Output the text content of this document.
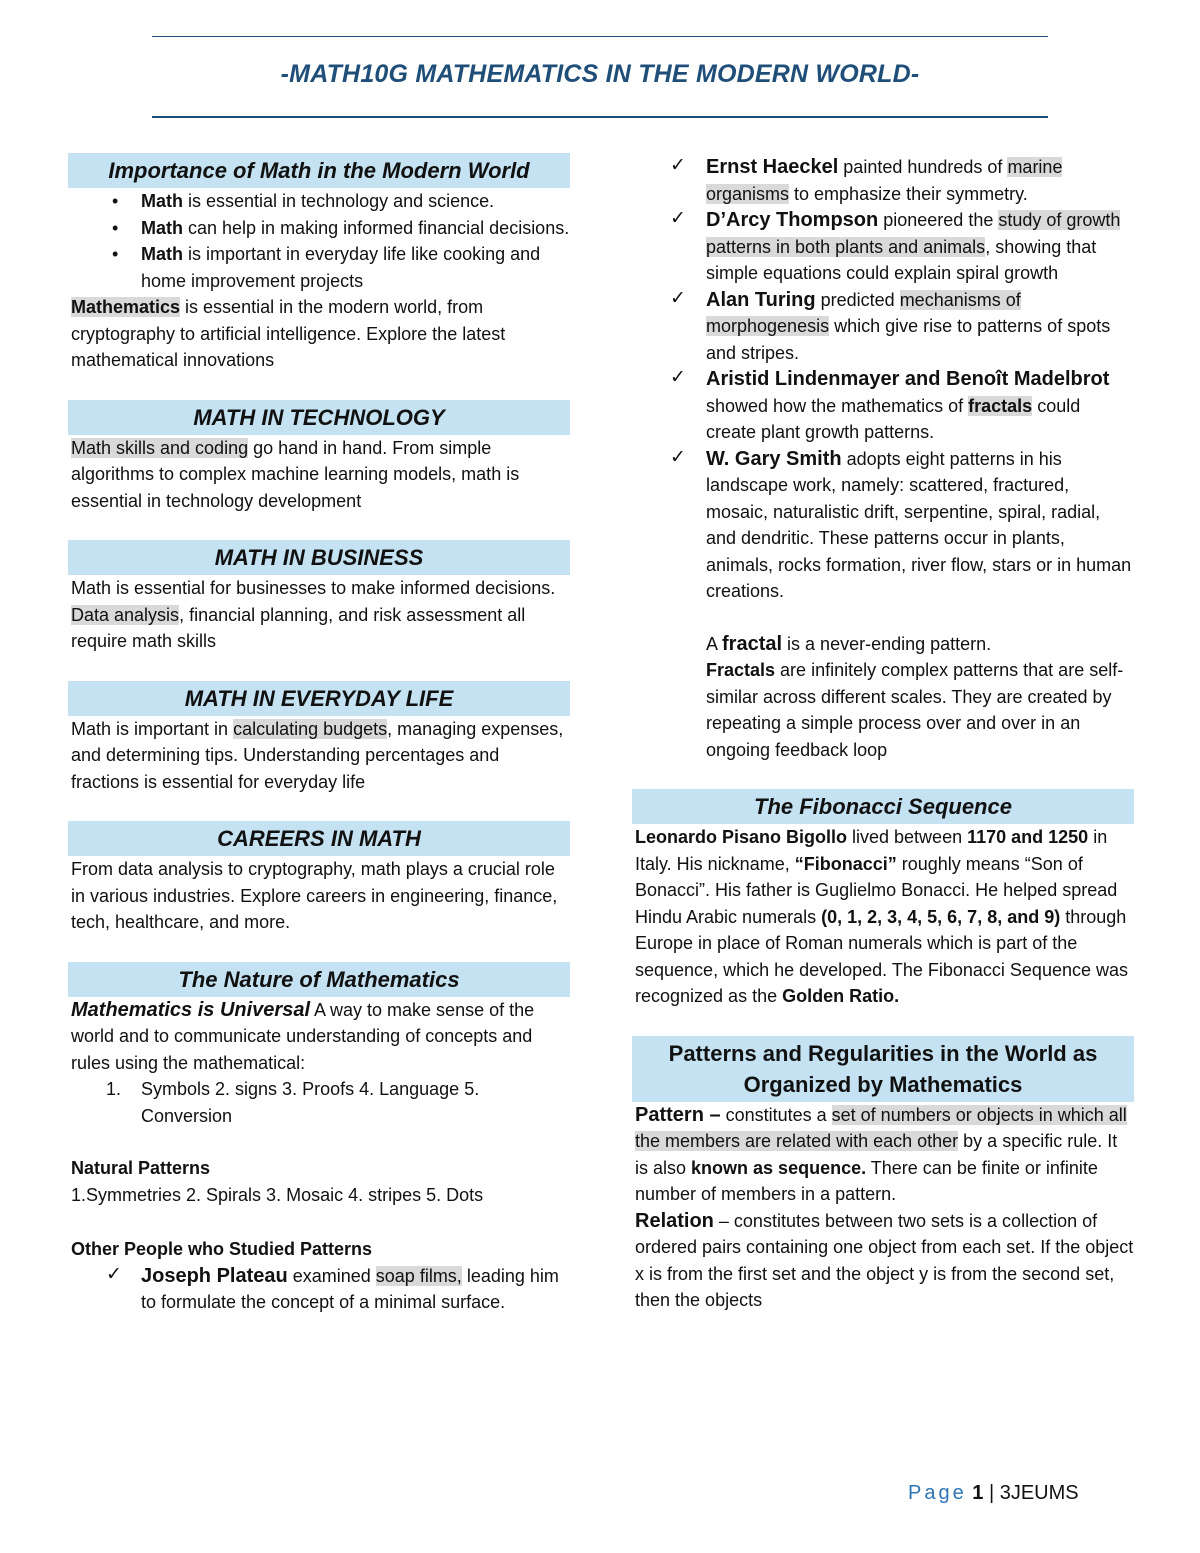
-MATH10G MATHEMATICS IN THE MODERN WORLD-
Importance of Math in the Modern World
• Math is essential in technology and science.
• Math can help in making informed financial decisions.
• Math is important in everyday life like cooking and home improvement projects
Mathematics is essential in the modern world, from cryptography to artificial intelligence. Explore the latest mathematical innovations
MATH IN TECHNOLOGY
Math skills and coding go hand in hand. From simple algorithms to complex machine learning models, math is essential in technology development
MATH IN BUSINESS
Math is essential for businesses to make informed decisions. Data analysis, financial planning, and risk assessment all require math skills
MATH IN EVERYDAY LIFE
Math is important in calculating budgets, managing expenses, and determining tips. Understanding percentages and fractions is essential for everyday life
CAREERS IN MATH
From data analysis to cryptography, math plays a crucial role in various industries. Explore careers in engineering, finance, tech, healthcare, and more.
The Nature of Mathematics
Mathematics is Universal A way to make sense of the world and to communicate understanding of concepts and rules using the mathematical:
1. Symbols 2. signs 3. Proofs 4. Language 5. Conversion
Natural Patterns
1.Symmetries 2. Spirals 3. Mosaic 4. stripes 5. Dots
Other People who Studied Patterns
✓ Joseph Plateau examined soap films, leading him to formulate the concept of a minimal surface.
✓ Ernst Haeckel painted hundreds of marine organisms to emphasize their symmetry.
✓ D’Arcy Thompson pioneered the study of growth patterns in both plants and animals, showing that simple equations could explain spiral growth
✓ Alan Turing predicted mechanisms of morphogenesis which give rise to patterns of spots and stripes.
✓ Aristid Lindenmayer and Benoît Madelbrot showed how the mathematics of fractals could create plant growth patterns.
✓ W. Gary Smith adopts eight patterns in his landscape work, namely: scattered, fractured, mosaic, naturalistic drift, serpentine, spiral, radial, and dendritic. These patterns occur in plants, animals, rocks formation, river flow, stars or in human creations.
A fractal is a never-ending pattern.
Fractals are infinitely complex patterns that are self-similar across different scales. They are created by repeating a simple process over and over in an ongoing feedback loop
The Fibonacci Sequence
Leonardo Pisano Bigollo lived between 1170 and 1250 in Italy. His nickname, “Fibonacci” roughly means “Son of Bonacci”. His father is Guglielmo Bonacci. He helped spread Hindu Arabic numerals (0, 1, 2, 3, 4, 5, 6, 7, 8, and 9) through Europe in place of Roman numerals which is part of the sequence, which he developed. The Fibonacci Sequence was recognized as the Golden Ratio.
Patterns and Regularities in the World as Organized by Mathematics
Pattern – constitutes a set of numbers or objects in which all the members are related with each other by a specific rule. It is also known as sequence. There can be finite or infinite number of members in a pattern.
Relation – constitutes between two sets is a collection of ordered pairs containing one object from each set. If the object x is from the first set and the object y is from the second set, then the objects
Page 1 | 3JEUMS
